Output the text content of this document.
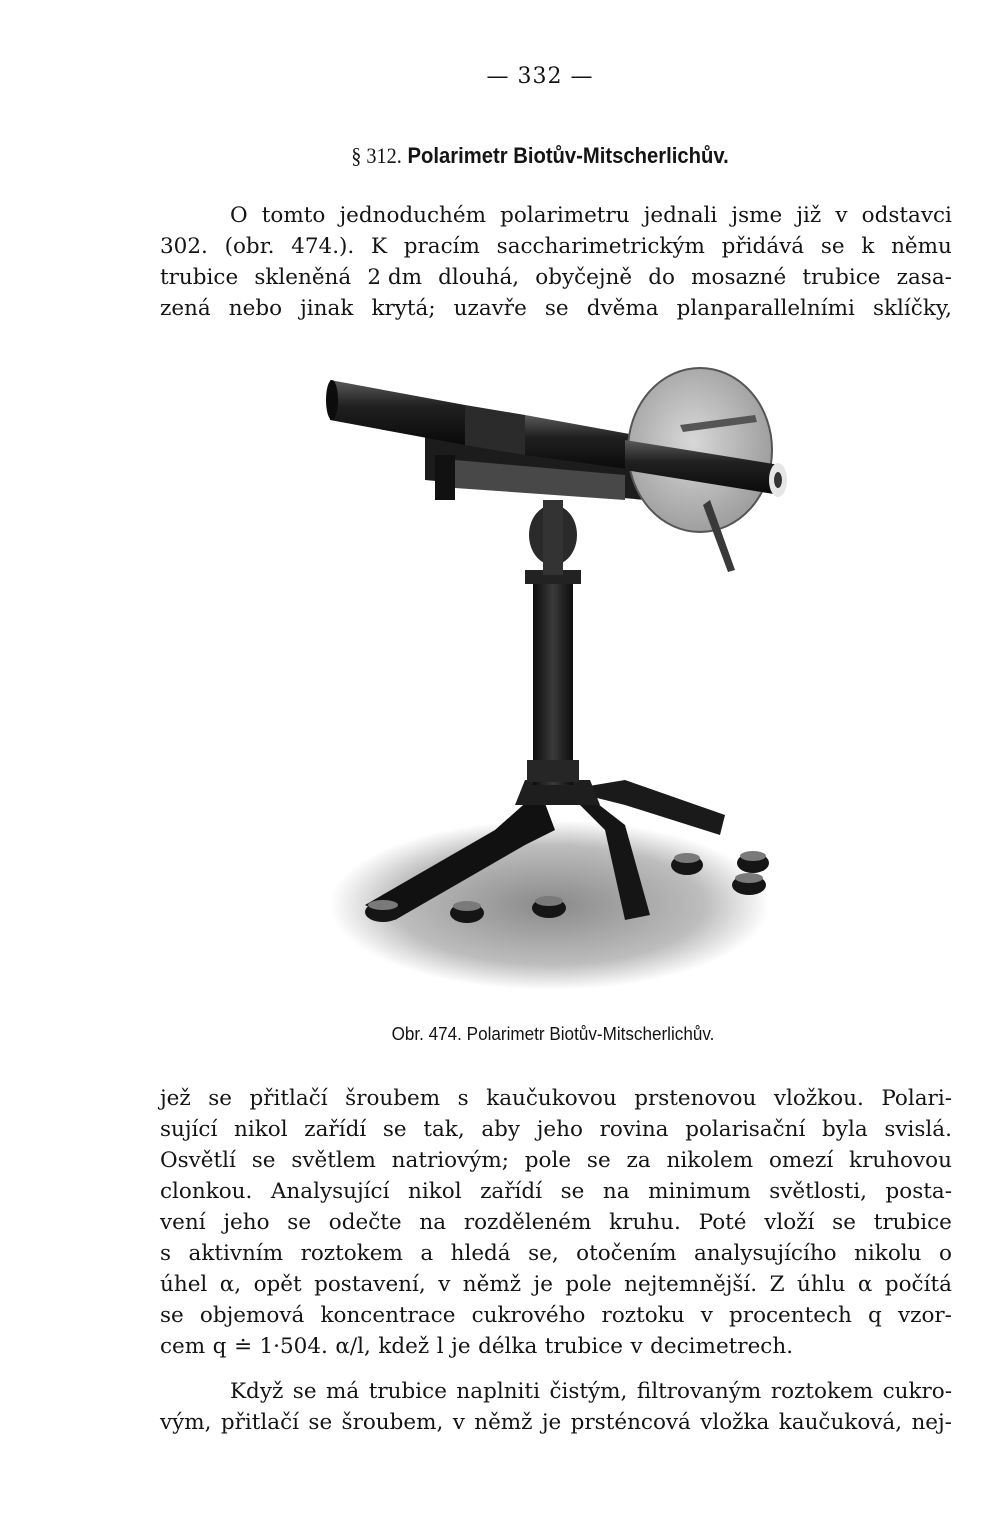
— 332 —
§ 312. Polarimetr Biotův-Mitscherlichův.
O tomto jednoduchém polarimetru jednali jsme již v odstavci
302. (obr. 474.). K pracím saccharimetrickým přidává se k němu
trubice skleněná 2 dm dlouhá, obyčejně do mosazné trubice zasa-
zená nebo jinak krytá; uzavře se dvěma planparallelními sklíčky,
Obr. 474. Polarimetr Biotův-Mitscherlichův.
jež se přitlačí šroubem s kaučukovou prstenovou vložkou. Polari-
sující nikol zařídí se tak, aby jeho rovina polarisační byla svislá.
Osvětlí se světlem natriovým; pole se za nikolem omezí kruhovou
clonkou. Analysující nikol zařídí se na minimum světlosti, posta-
vení jeho se odečte na rozděleném kruhu. Poté vloží se trubice
s aktivním roztokem a hledá se, otočením analysujícího nikolu o
úhel α, opět postavení, v němž je pole nejtemnější. Z úhlu α počítá
se objemová koncentrace cukrového roztoku v procentech q vzor-
cem q ≐ 1·504. α/l, kdež l je délka trubice v decimetrech.
Když se má trubice naplniti čistým, filtrovaným roztokem cukro-
vým, přitlačí se šroubem, v němž je prsténcová vložka kaučuková, nej-
